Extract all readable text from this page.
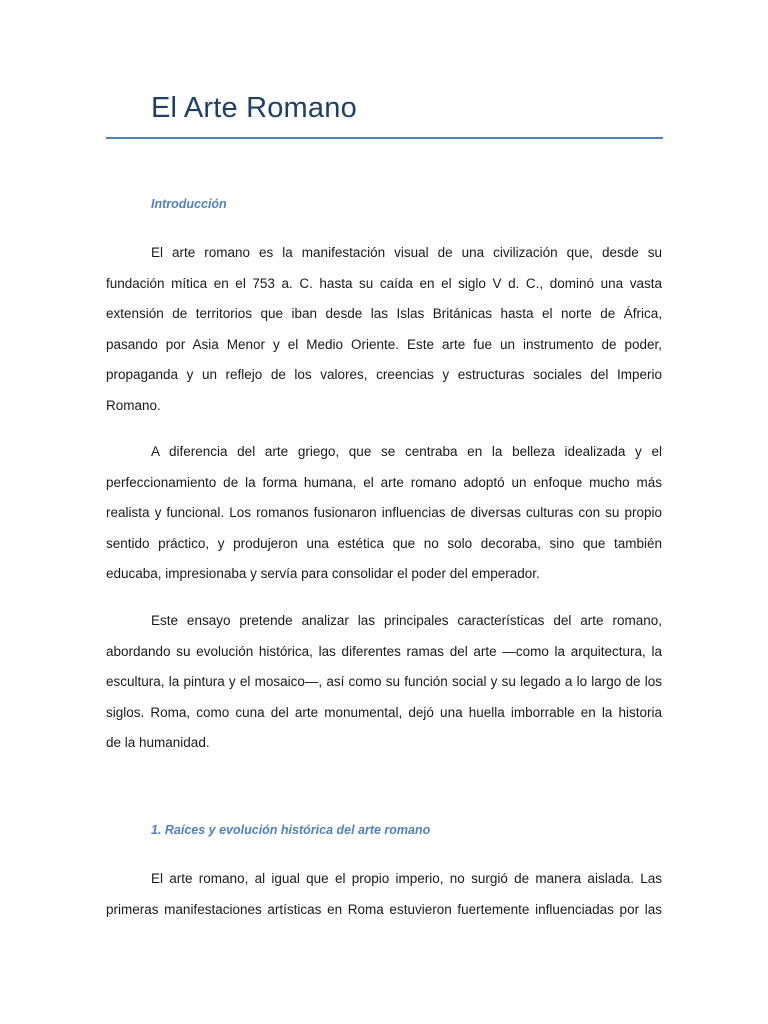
El Arte Romano
Introducción

El arte romano es la manifestación visual de una civilización que, desde su
fundación mítica en el 753 a. C. hasta su caída en el siglo V d. C., dominó una vasta
extensión de territorios que iban desde las Islas Británicas hasta el norte de África,
pasando por Asia Menor y el Medio Oriente. Este arte fue un instrumento de poder,
propaganda y un reflejo de los valores, creencias y estructuras sociales del Imperio
Romano.

A diferencia del arte griego, que se centraba en la belleza idealizada y el
perfeccionamiento de la forma humana, el arte romano adoptó un enfoque mucho más
realista y funcional. Los romanos fusionaron influencias de diversas culturas con su propio
sentido práctico, y produjeron una estética que no solo decoraba, sino que también
educaba, impresionaba y servía para consolidar el poder del emperador.

Este ensayo pretende analizar las principales características del arte romano,
abordando su evolución histórica, las diferentes ramas del arte —como la arquitectura, la
escultura, la pintura y el mosaico—, así como su función social y su legado a lo largo de los
siglos. Roma, como cuna del arte monumental, dejó una huella imborrable en la historia
de la humanidad.

1. Raíces y evolución histórica del arte romano

El arte romano, al igual que el propio imperio, no surgió de manera aislada. Las
primeras manifestaciones artísticas en Roma estuvieron fuertemente influenciadas por las
